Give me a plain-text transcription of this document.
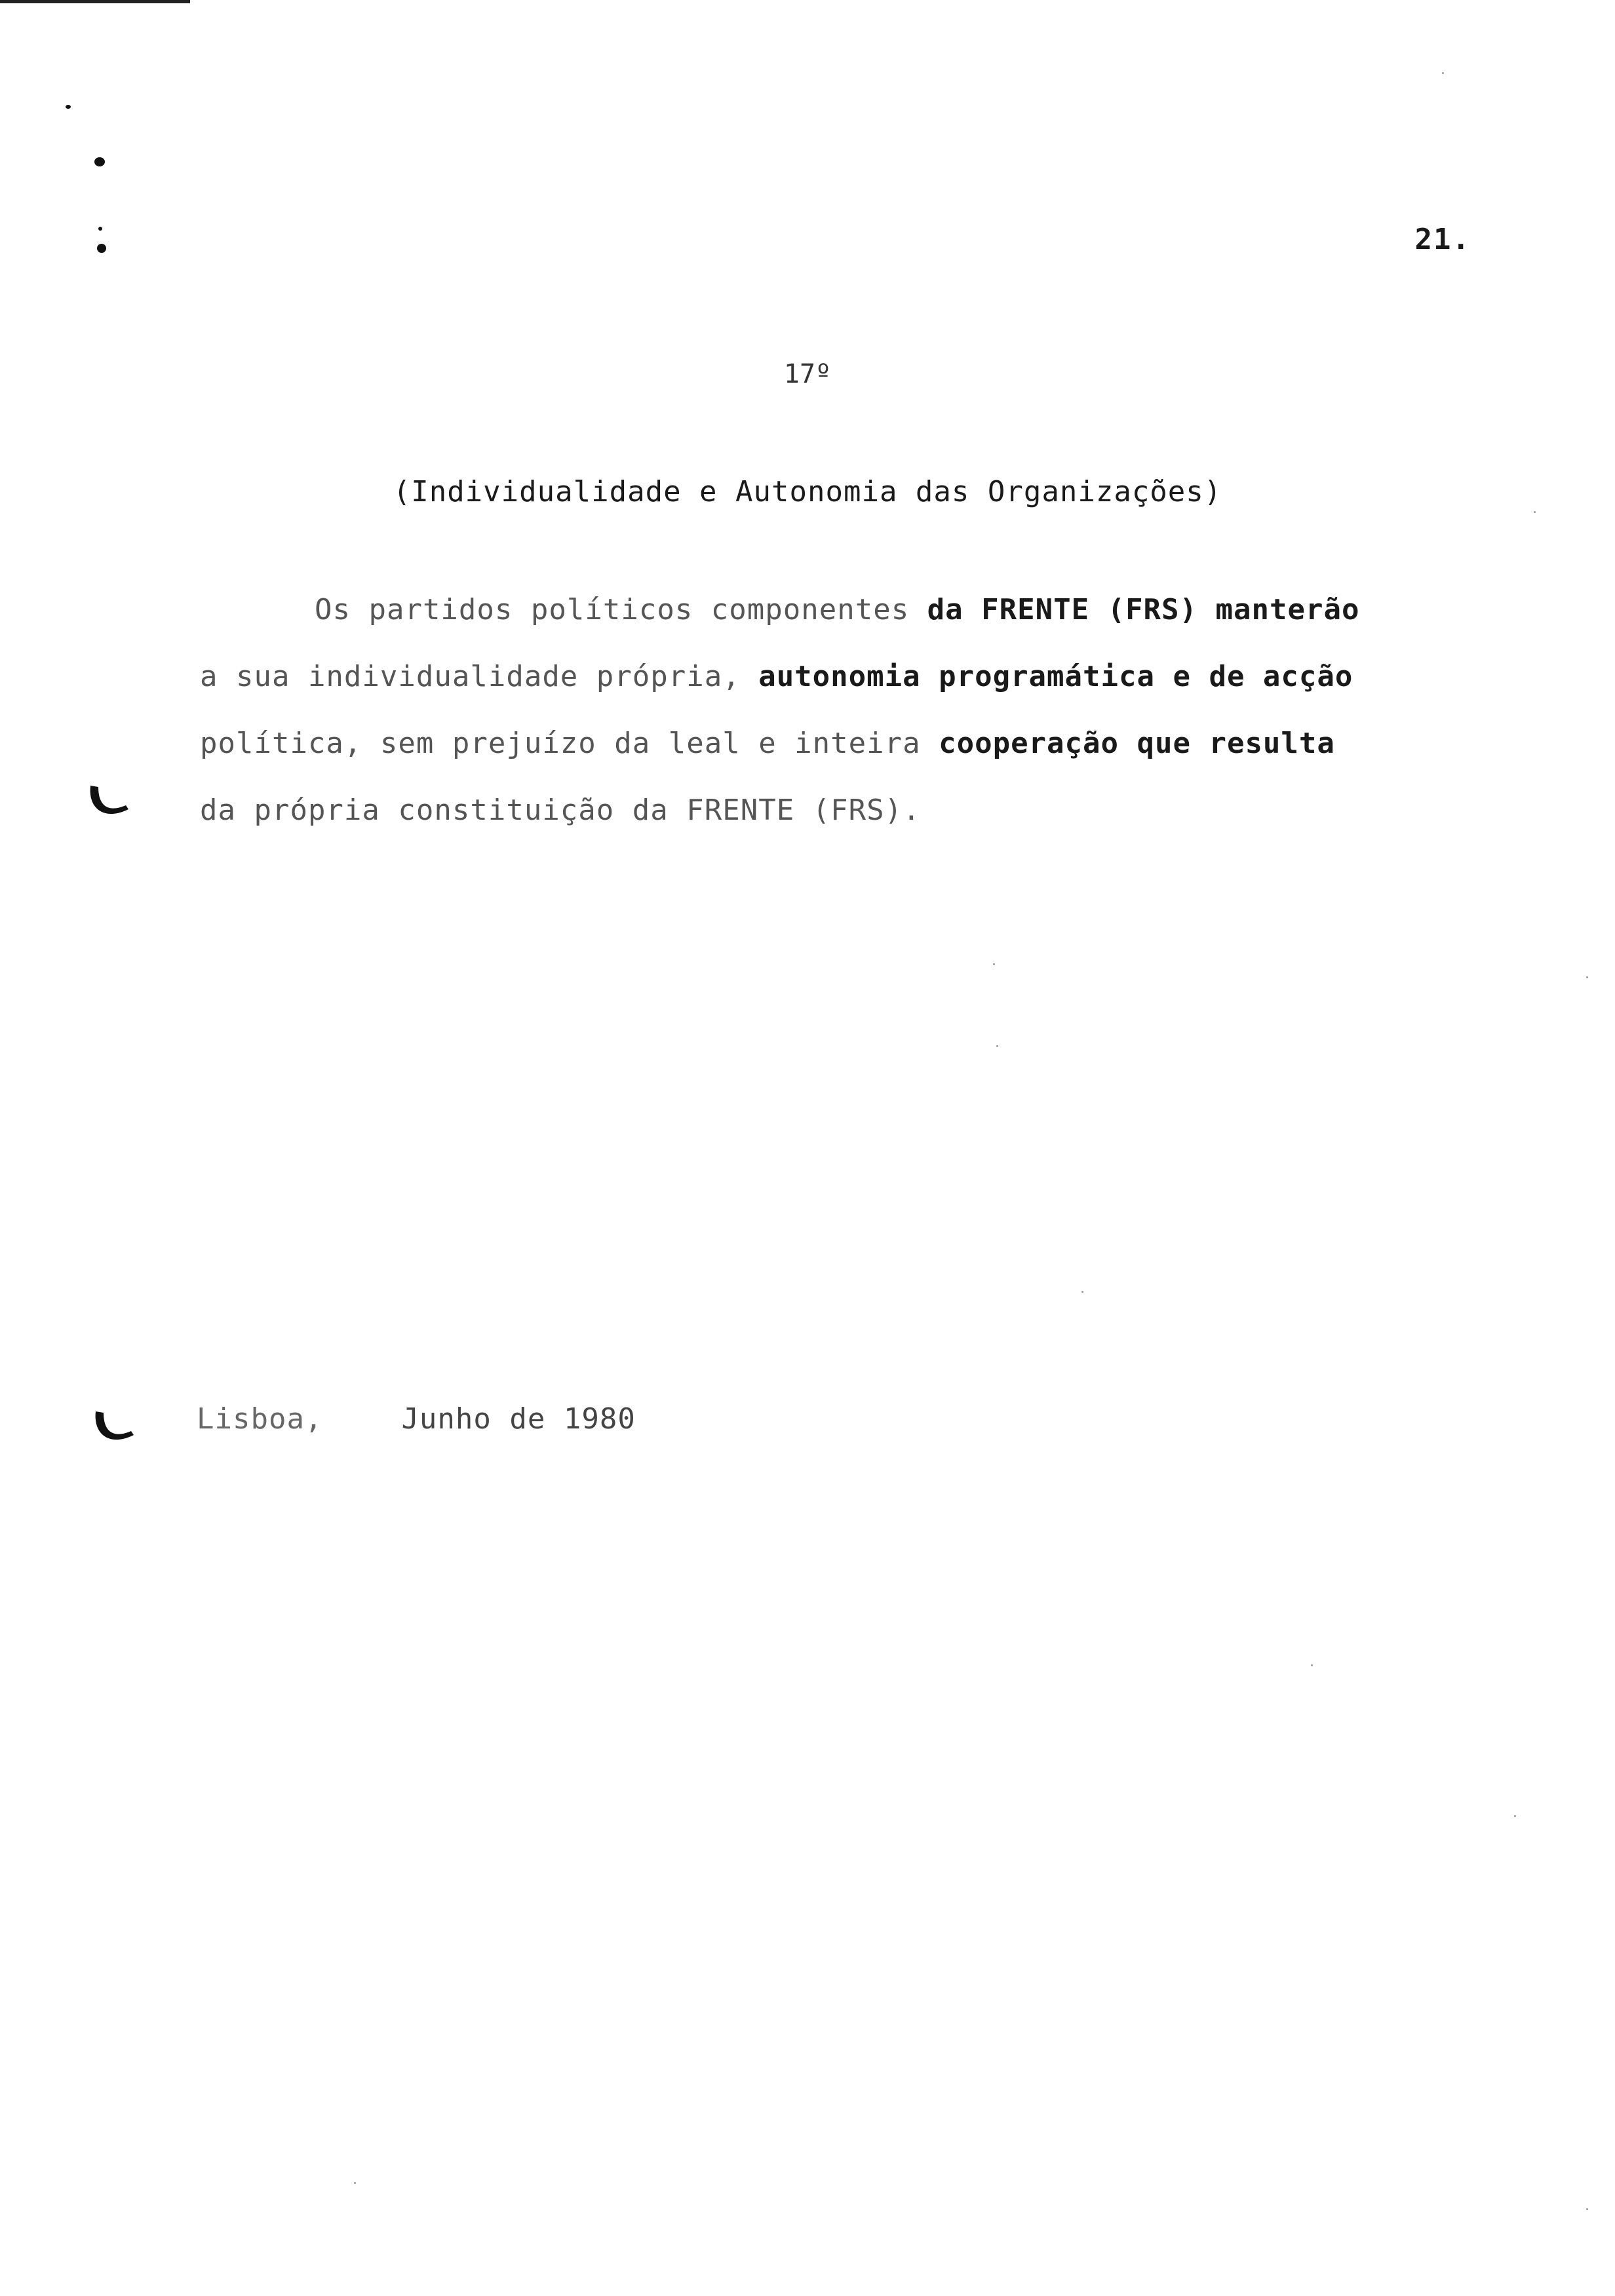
21.
17º
(Individualidade e Autonomia das Organizações)
Os partidos políticos componentes da FRENTE (FRS) manterão
a sua individualidade própria, autonomia programática e de acção
política, sem prejuízo da leal e inteira cooperação que resulta
da própria constituição da FRENTE (FRS).
Lisboa,	Junho de 1980
